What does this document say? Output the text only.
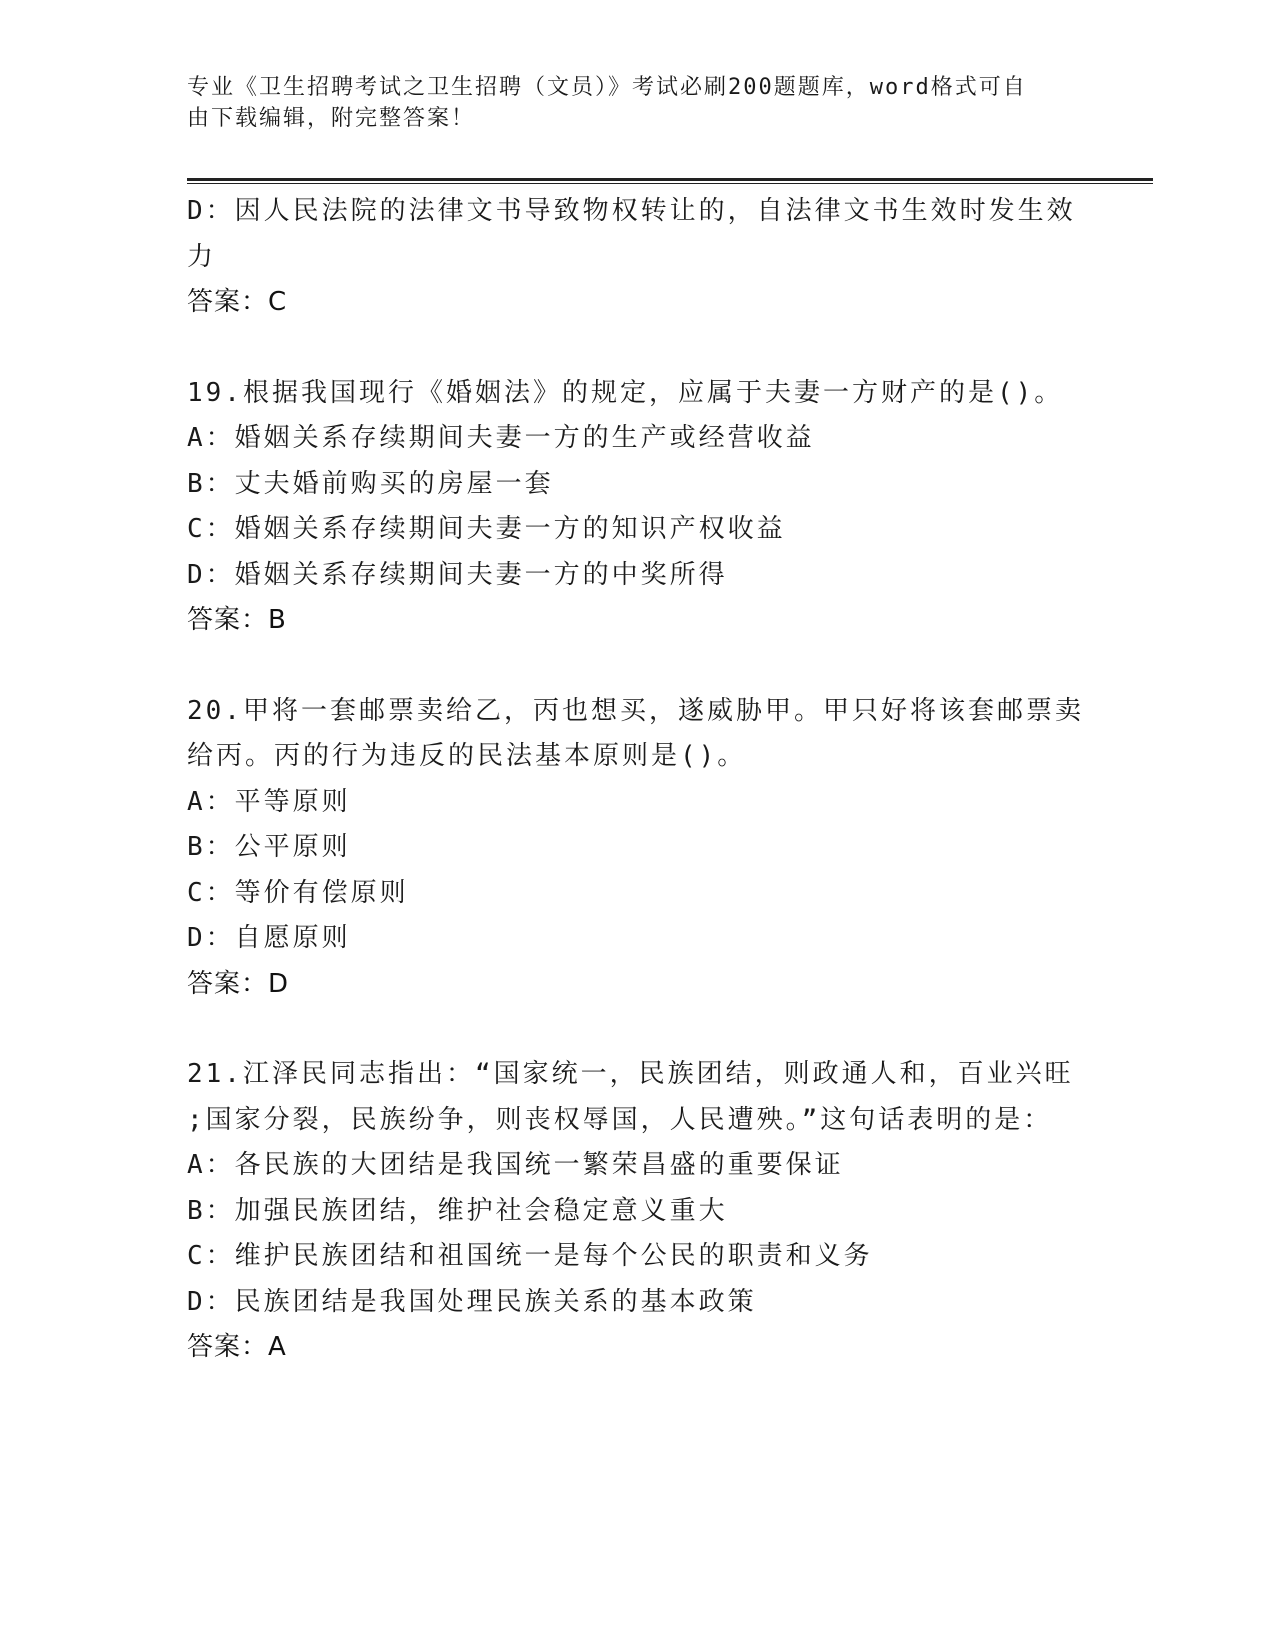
专业《卫生招聘考试之卫生招聘（文员）》考试必刷200题题库，word格式可自
由下载编辑，附完整答案！
D：因人民法院的法律文书导致物权转让的，自法律文书生效时发生效
力
答案：C
19.根据我国现行《婚姻法》的规定，应属于夫妻一方财产的是()。
A：婚姻关系存续期间夫妻一方的生产或经营收益
B：丈夫婚前购买的房屋一套
C：婚姻关系存续期间夫妻一方的知识产权收益
D：婚姻关系存续期间夫妻一方的中奖所得
答案：B
20.甲将一套邮票卖给乙，丙也想买，遂威胁甲。甲只好将该套邮票卖
给丙。丙的行为违反的民法基本原则是()。
A：平等原则
B：公平原则
C：等价有偿原则
D：自愿原则
答案：D
21.江泽民同志指出：“国家统一，民族团结，则政通人和，百业兴旺
;国家分裂，民族纷争，则丧权辱国，人民遭殃。”这句话表明的是：
A：各民族的大团结是我国统一繁荣昌盛的重要保证
B：加强民族团结，维护社会稳定意义重大
C：维护民族团结和祖国统一是每个公民的职责和义务
D：民族团结是我国处理民族关系的基本政策
答案：A
